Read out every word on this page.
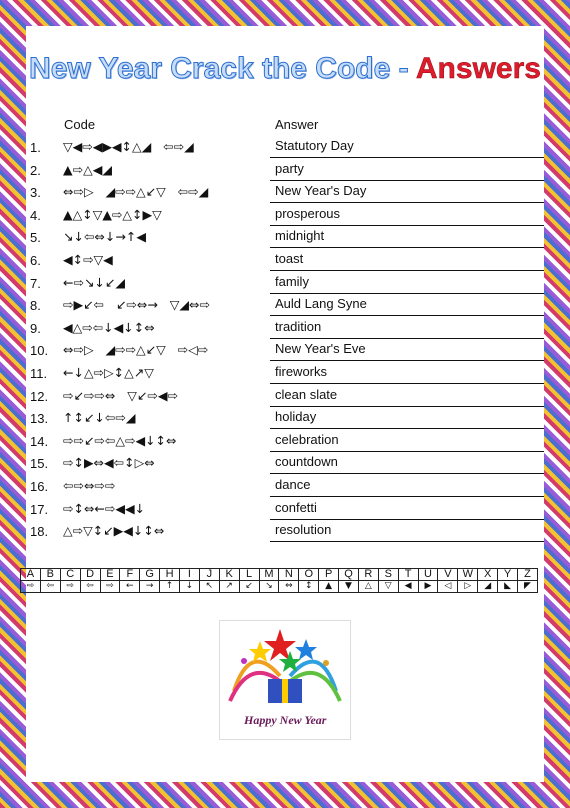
New Year Crack the Code - Answers
Code	Answer
1. ▽◀⇨◀▶◀↕△◢   ⇦⇨◢	Statutory Day
2. ▲⇨△◀◢	party
3. ⇔⇨▷   ◢⇨⇨△↙▽   ⇦⇨◢	New Year's Day
4. ▲△↕▽▲⇨△↕▶▽	prosperous
5. ↘↓⇦⇔↓→↑◀	midnight
6. ◀↕⇨▽◀	toast
7. ←⇨↘↓↙◢	family
8. ⇨▶↙⇦   ↙⇨⇔→   ▽◢⇔⇨	Auld Lang Syne
9. ◀△⇨⇦↓◀↓↕⇔	tradition
10. ⇔⇨▷   ◢⇨⇨△↙▽   ⇨◁⇨	New Year's Eve
11. ←↓△⇨▷↕△↗▽	fireworks
12. ⇨↙⇨⇨⇔   ▽↙⇨◀⇨	clean slate
13. ↑↕↙↓⇦⇨◢	holiday
14. ⇨⇨↙⇨⇦△⇨◀↓↕⇔	celebration
15. ⇨↕▶⇔◀⇦↕▷⇔	countdown
16. ⇦⇨⇔⇨⇨	dance
17. ⇨↕⇔←⇨◀◀↓	confetti
18. △⇨▽↕↙▶◀↓↕⇔	resolution
A	B	C	D	E	F	G	H	I	J	K	L	M	N	O	P	Q	R	S	T	U	V	W	X	Y	Z
⇨	⇦	⇨	⇦	⇨	←	→	↑	↓	↖	↗	↙	↘	⇔	↕	▲	▼	△	▽	◀	▶	◁	▷	◢	◣	◤
Happy New Year
